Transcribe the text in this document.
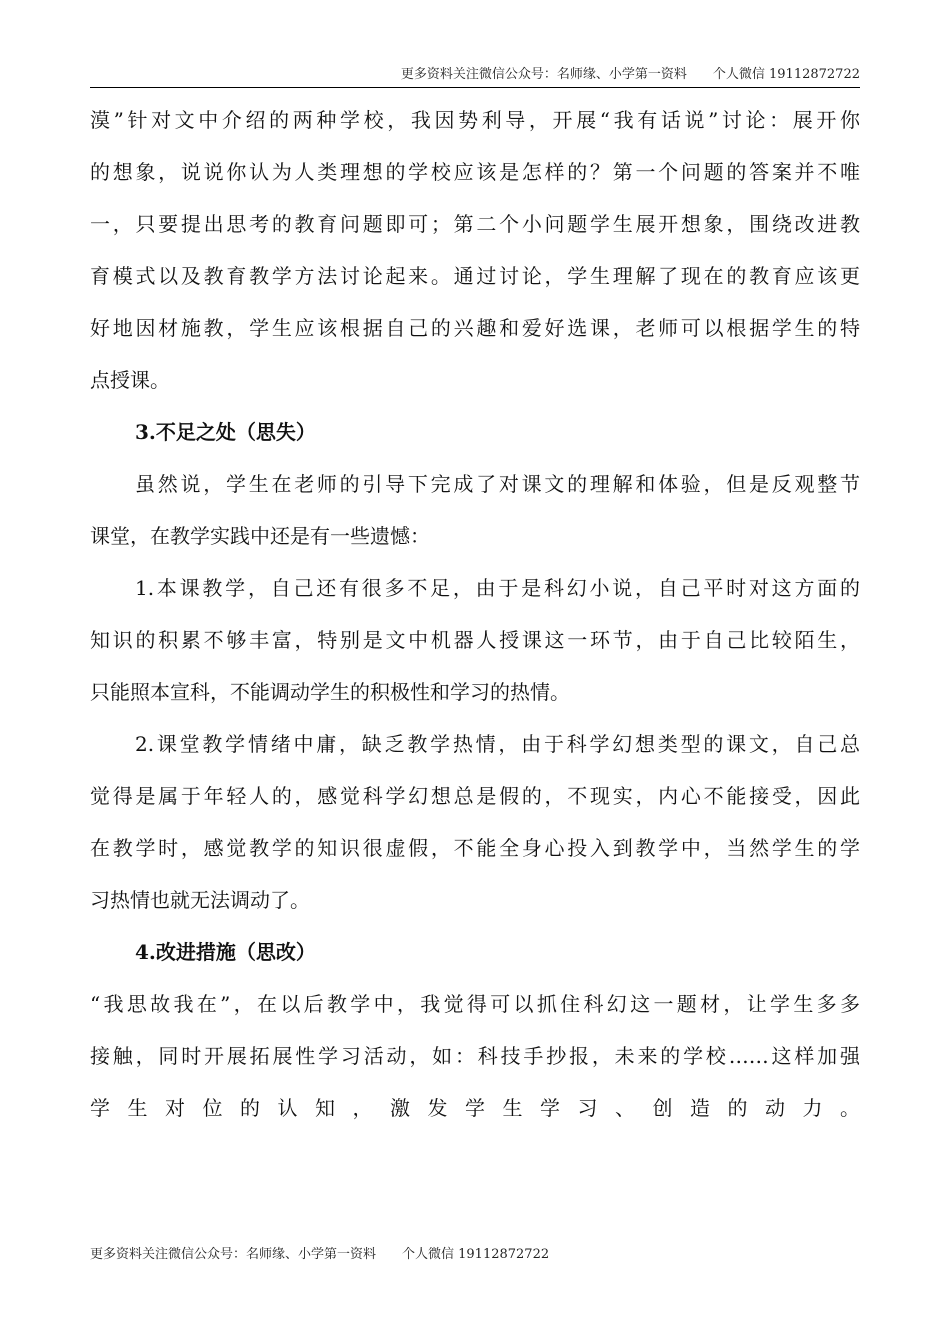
更多资料关注微信公众号：名师缘、小学第一资料　　个人微信 19112872722
漠”针对文中介绍的两种学校，我因势利导，开展“我有话说”讨论：展开你
的想象，说说你认为人类理想的学校应该是怎样的？第一个问题的答案并不唯
一，只要提出思考的教育问题即可；第二个小问题学生展开想象，围绕改进教
育模式以及教育教学方法讨论起来。通过讨论，学生理解了现在的教育应该更
好地因材施教，学生应该根据自己的兴趣和爱好选课，老师可以根据学生的特
点授课。
3.不足之处（思失）
虽然说，学生在老师的引导下完成了对课文的理解和体验，但是反观整节
课堂，在教学实践中还是有一些遗憾：
1.本课教学，自己还有很多不足，由于是科幻小说，自己平时对这方面的
知识的积累不够丰富，特别是文中机器人授课这一环节，由于自己比较陌生，
只能照本宣科，不能调动学生的积极性和学习的热情。
2.课堂教学情绪中庸，缺乏教学热情，由于科学幻想类型的课文，自己总
觉得是属于年轻人的，感觉科学幻想总是假的，不现实，内心不能接受，因此
在教学时，感觉教学的知识很虚假，不能全身心投入到教学中，当然学生的学
习热情也就无法调动了。
4.改进措施（思改）
“我思故我在”，在以后教学中，我觉得可以抓住科幻这一题材，让学生多多
接触，同时开展拓展性学习活动，如：科技手抄报，未来的学校……这样加强
学生对位的认知，激发学生学习、创造的动力。
更多资料关注微信公众号：名师缘、小学第一资料　　个人微信 19112872722
